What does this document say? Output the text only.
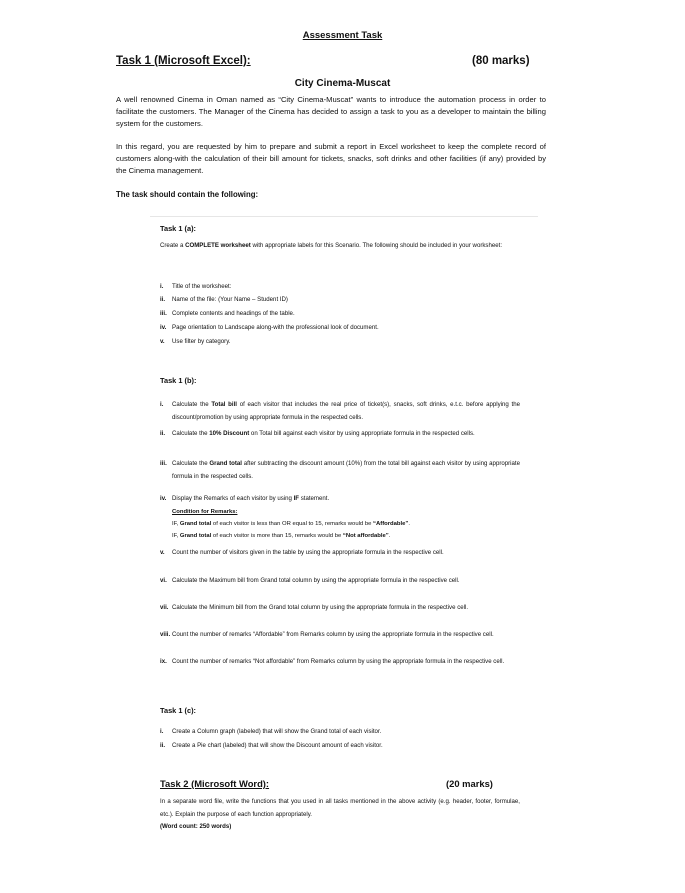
Assessment Task
Task 1 (Microsoft Excel):	(80 marks)
City Cinema-Muscat
A well renowned Cinema in Oman named as “City Cinema-Muscat” wants to introduce the automation process in order to facilitate the customers. The Manager of the Cinema has decided to assign a task to you as a developer to maintain the billing system for the customers.
In this regard, you are requested by him to prepare and submit a report in Excel worksheet to keep the complete record of customers along-with the calculation of their bill amount for tickets, snacks, soft drinks and other facilities (if any) provided by the Cinema management.
The task should contain the following:
Task 1 (a):
Create a COMPLETE worksheet with appropriate labels for this Scenario. The following should be included in your worksheet:
i. Title of the worksheet:
ii. Name of the file: (Your Name – Student ID)
iii. Complete contents and headings of the table.
iv. Page orientation to Landscape along-with the professional look of document.
v. Use filter by category.
Task 1 (b):
i.	Calculate the Total bill of each visitor that includes the real price of ticket(s), snacks, soft drinks, e.t.c. before applying the discount/promotion by using appropriate formula in the respected cells.
ii.	Calculate the 10% Discount on Total bill against each visitor by using appropriate formula in the respected cells.
iii. Calculate the Grand total after subtracting the discount amount (10%) from the total bill against each visitor by using appropriate formula in the respected cells.
iv. Display the Remarks of each visitor by using IF statement.
Condition for Remarks:
IF, Grand total of each visitor is less than OR equal to 15, remarks would be “Affordable”.
IF, Grand total of each visitor is more than 15, remarks would be “Not affordable”.
v.	Count the number of visitors given in the table by using the appropriate formula in the respective cell.
vi. Calculate the Maximum bill from Grand total column by using the appropriate formula in the respective cell.
vii. Calculate the Minimum bill from the Grand total column by using the appropriate formula in the respective cell.
viii. Count the number of remarks “Affordable” from Remarks column by using the appropriate formula in the respective cell.
ix. Count the number of remarks “Not affordable” from Remarks column by using the appropriate formula in the respective cell.
Task 1 (c):
i. Create a Column graph (labeled) that will show the Grand total of each visitor.
ii. Create a Pie chart (labeled) that will show the Discount amount of each visitor.
Task 2 (Microsoft Word):	(20 marks)
In a separate word file, write the functions that you used in all tasks mentioned in the above activity (e.g. header, footer, formulae, etc.). Explain the purpose of each function appropriately.
(Word count: 250 words)
